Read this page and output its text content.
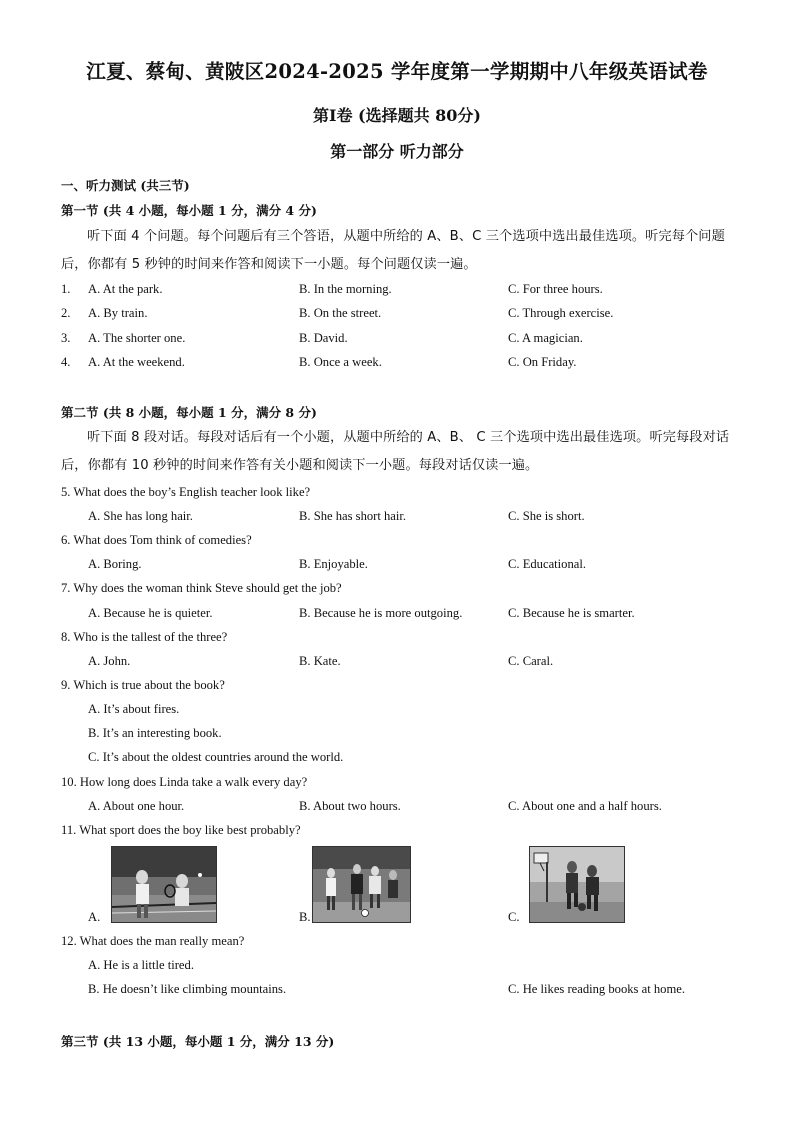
江夏、蔡甸、黄陂区2024-2025 学年度第一学期期中八年级英语试卷
第Ⅰ卷 (选择题共 80分)
第一部分 听力部分
一、听力测试 (共三节)
第一节 (共 4 小题，每小题 1 分，满分 4 分)
听下面 4 个问题。每个问题后有三个答语，从题中所给的 A、B、C 三个选项中选出最佳选项。听完每个问题后，你都有 5 秒钟的时间来作答和阅读下一小题。每个问题仅读一遍。
1. A. At the park.	B. In the morning.	C. For three hours.
2. A. By train.	B. On the street.	C. Through exercise.
3. A. The shorter one.	B. David.	C. A magician.
4. A. At the weekend.	B. Once a week.	C. On Friday.
第二节 (共 8 小题，每小题 1 分，满分 8 分)
听下面 8 段对话。每段对话后有一个小题，从题中所给的 A、B、 C 三个选项中选出最佳选项。听完每段对话后，你都有 10 秒钟的时间来作答有关小题和阅读下一小题。每段对话仅读一遍。
5. What does the boy’s English teacher look like?
A. She has long hair.	B. She has short hair.	C. She is short.
6. What does Tom think of comedies?
A. Boring.	B. Enjoyable.	C. Educational.
7. Why does the woman think Steve should get the job?
A. Because he is quieter.	B. Because he is more outgoing.	C. Because he is smarter.
8. Who is the tallest of the three?
A. John.	B. Kate.	C. Caral.
9. Which is true about the book?
A. It’s about fires.
B. It’s an interesting book.
C. It’s about the oldest countries around the world.
10. How long does Linda take a walk every day?
A. About one hour.	B. About two hours.	C. About one and a half hours.
11. What sport does the boy like best probably?
A.	B.	C.
12. What does the man really mean?
A. He is a little tired.
B. He doesn’t like climbing mountains.	C. He likes reading books at home.
第三节 (共 13 小题，每小题 1 分，满分 13 分)
